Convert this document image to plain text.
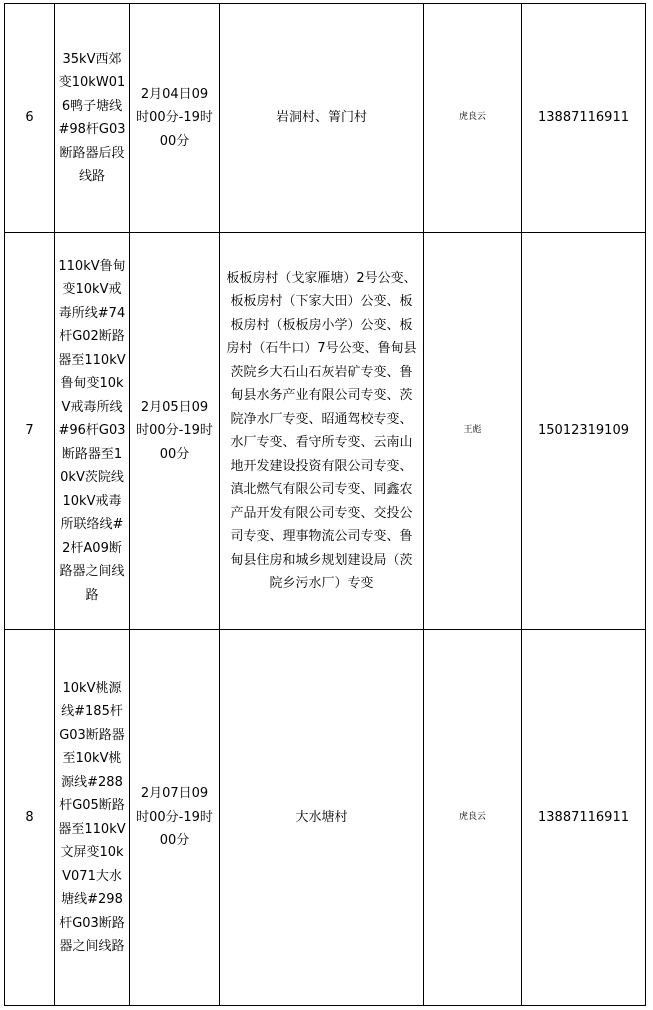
6	35kV西郊变10kW016鸭子塘线#98杆G03断路器后段线路	2月04日09时00分-19时00分	岩洞村、箐门村	虎良云	13887116911
7	110kV鲁甸变10kV戒毒所线#74杆G02断路器至110kV鲁甸变10kV戒毒所线#96杆G03断路器至10kV茨院线10kV戒毒所联络线#2杆A09断路器之间线路	2月05日09时00分-19时00分	板板房村（戈家雁塘）2号公变、板板房村（下家大田）公变、板板房村（板板房小学）公变、板房村（石牛口）7号公变、鲁甸县茨院乡大石山石灰岩矿专变、鲁甸县水务产业有限公司专变、茨院净水厂专变、昭通驾校专变、水厂专变、看守所专变、云南山地开发建设投资有限公司专变、滇北燃气有限公司专变、同鑫农产品开发有限公司专变、交投公司专变、理事物流公司专变、鲁甸县住房和城乡规划建设局（茨院乡污水厂）专变	王彪	15012319109
8	10kV桃源线#185杆G03断路器至10kV桃源线#288杆G05断路器至110kV文屏变10kV071大水塘线#298杆G03断路器之间线路	2月07日09时00分-19时00分	大水塘村	虎良云	13887116911
